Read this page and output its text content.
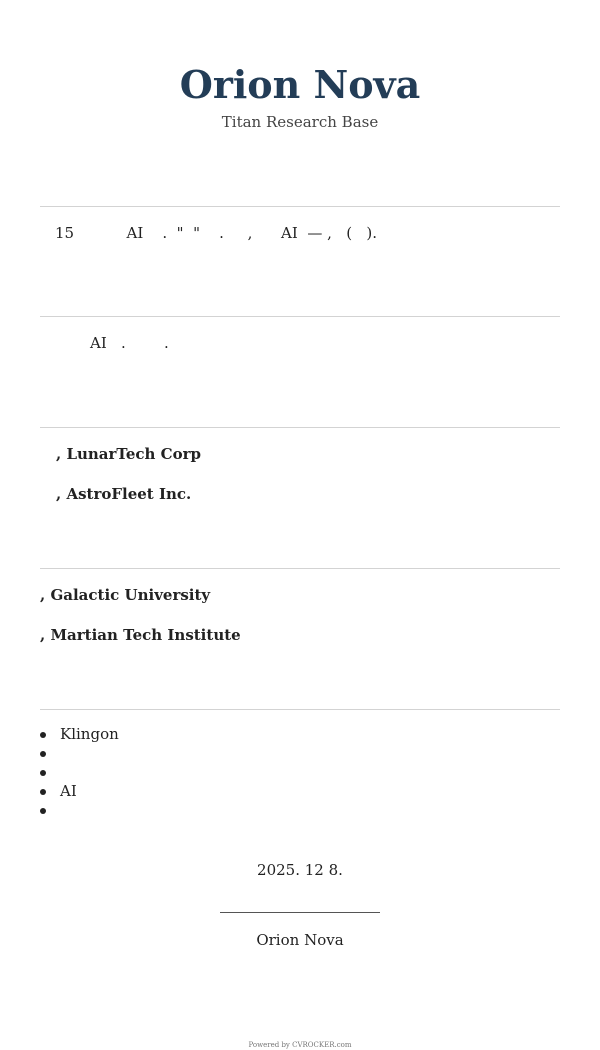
Orion Nova
Titan Research Base
15           AI    .  "  "    .     ,      AI  — ,   (   ).
AI   .        .
, LunarTech Corp
, AstroFleet Inc.
, Galactic University
, Martian Tech Institute
Klingon
AI
2025. 12 8.
Orion Nova
Powered by CVROCKER.com
